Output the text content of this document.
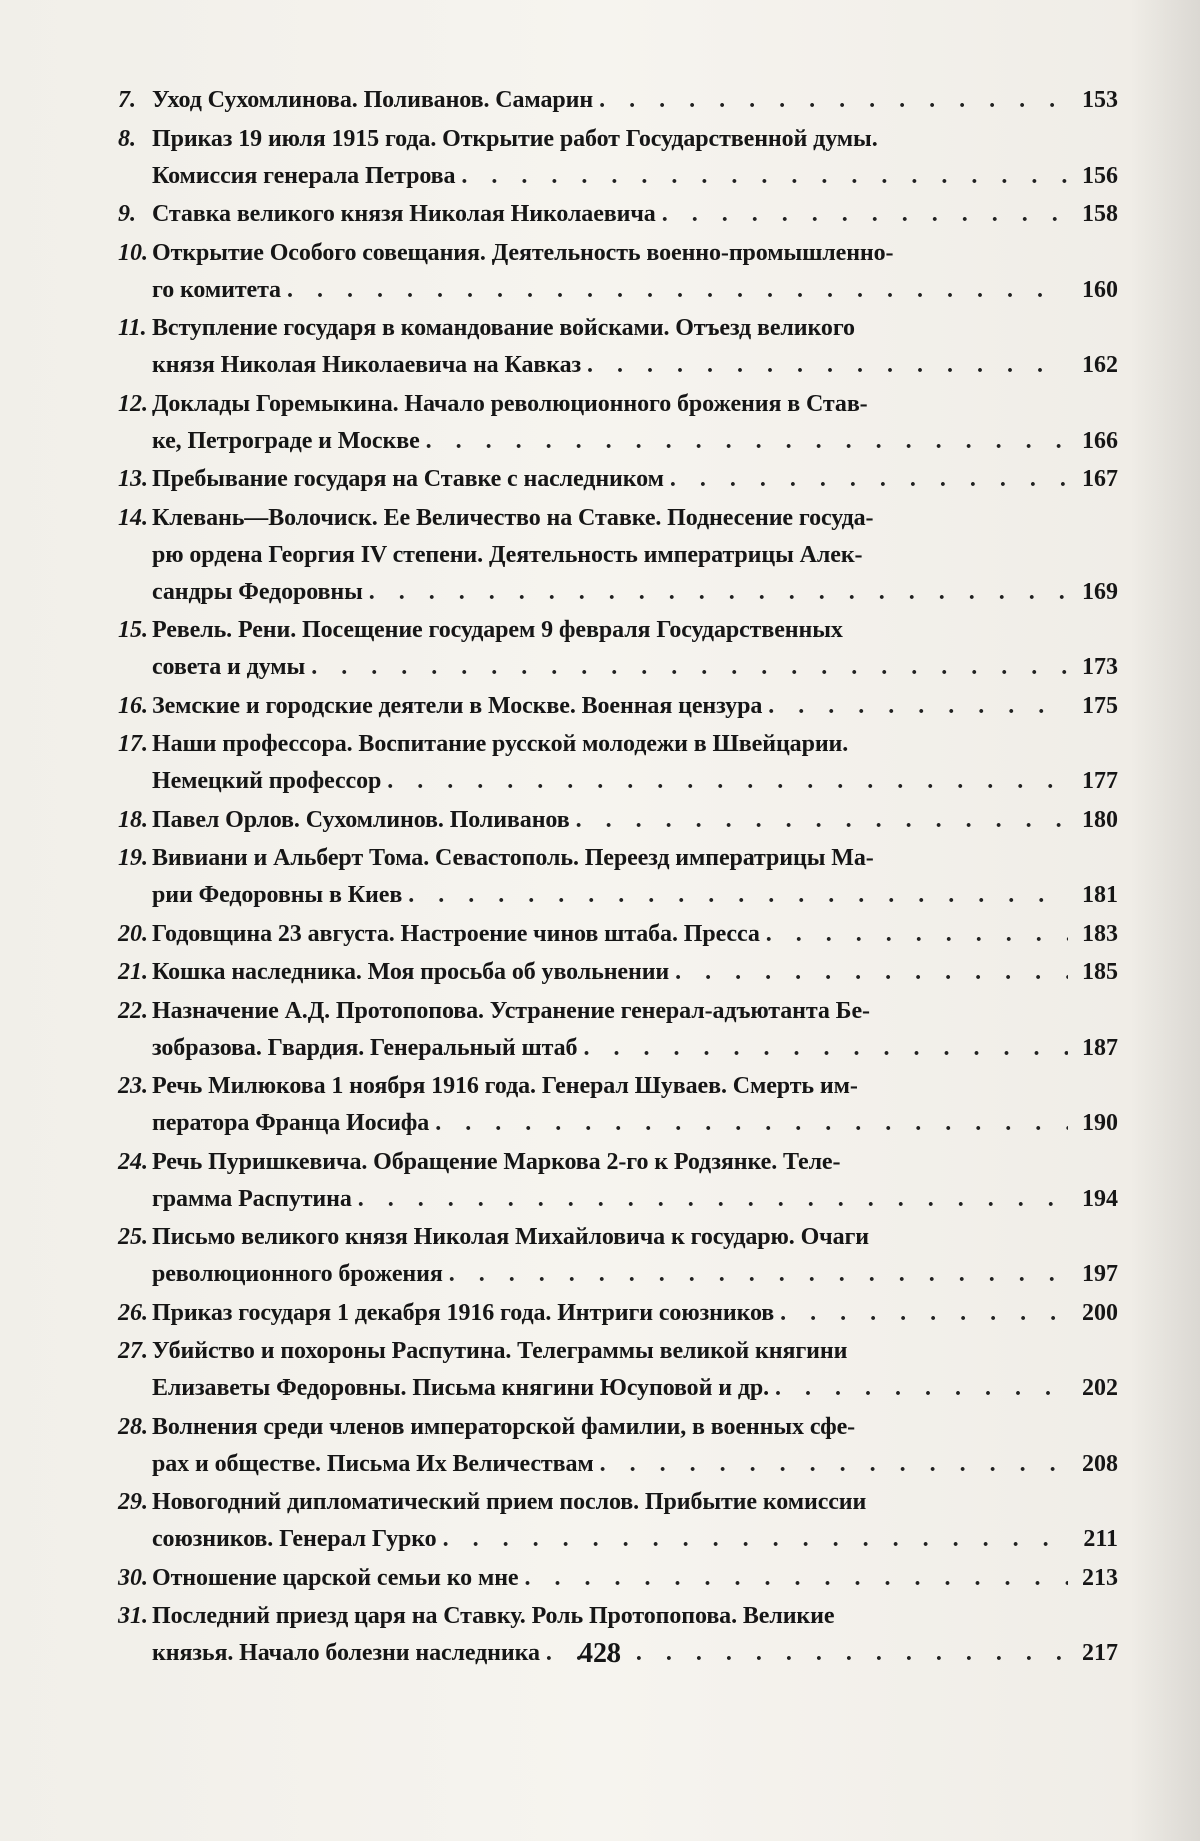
7. Уход Сухомлинова. Поливанов. Самарин . . .	153
8. Приказ 19 июля 1915 года. Открытие работ Государственной думы.
Комиссия генерала Петрова . . .	156
9. Ставка великого князя Николая Николаевича . . .	158
10. Открытие Особого совещания. Деятельность военно-промышленно-
го комитета . . .	160
11. Вступление государя в командование войсками. Отъезд великого
князя Николая Николаевича на Кавказ . . .	162
12. Доклады Горемыкина. Начало революционного брожения в Став-
ке, Петрограде и Москве . . .	166
13. Пребывание государя на Ставке с наследником . . .	167
14. Клевань—Волочиск. Ее Величество на Ставке. Поднесение госуда-
рю ордена Георгия IV степени. Деятельность императрицы Алек-
сандры Федоровны . . .	169
15. Ревель. Рени. Посещение государем 9 февраля Государственных
совета и думы . . .	173
16. Земские и городские деятели в Москве. Военная цензура . . .	175
17. Наши профессора. Воспитание русской молодежи в Швейцарии.
Немецкий профессор . . .	177
18. Павел Орлов. Сухомлинов. Поливанов . . .	180
19. Вивиани и Альберт Тома. Севастополь. Переезд императрицы Ма-
рии Федоровны в Киев . . .	181
20. Годовщина 23 августа. Настроение чинов штаба. Пресса . . .	183
21. Кошка наследника. Моя просьба об увольнении . . .	185
22. Назначение А.Д. Протопопова. Устранение генерал-адъютанта Бе-
зобразова. Гвардия. Генеральный штаб . . .	187
23. Речь Милюкова 1 ноября 1916 года. Генерал Шуваев. Смерть им-
ператора Франца Иосифа . . .	190
24. Речь Пуришкевича. Обращение Маркова 2-го к Родзянке. Теле-
грамма Распутина . . .	194
25. Письмо великого князя Николая Михайловича к государю. Очаги
революционного брожения . . .	197
26. Приказ государя 1 декабря 1916 года. Интриги союзников . . .	200
27. Убийство и похороны Распутина. Телеграммы великой княгини
Елизаветы Федоровны. Письма княгини Юсуповой и др. . . .	202
28. Волнения среди членов императорской фамилии, в военных сфе-
рах и обществе. Письма Их Величествам . . .	208
29. Новогодний дипломатический прием послов. Прибытие комиссии
союзников. Генерал Гурко . . .	211
30. Отношение царской семьи ко мне . . .	213
31. Последний приезд царя на Ставку. Роль Протопопова. Великие
князья. Начало болезни наследника . . .	217
428
